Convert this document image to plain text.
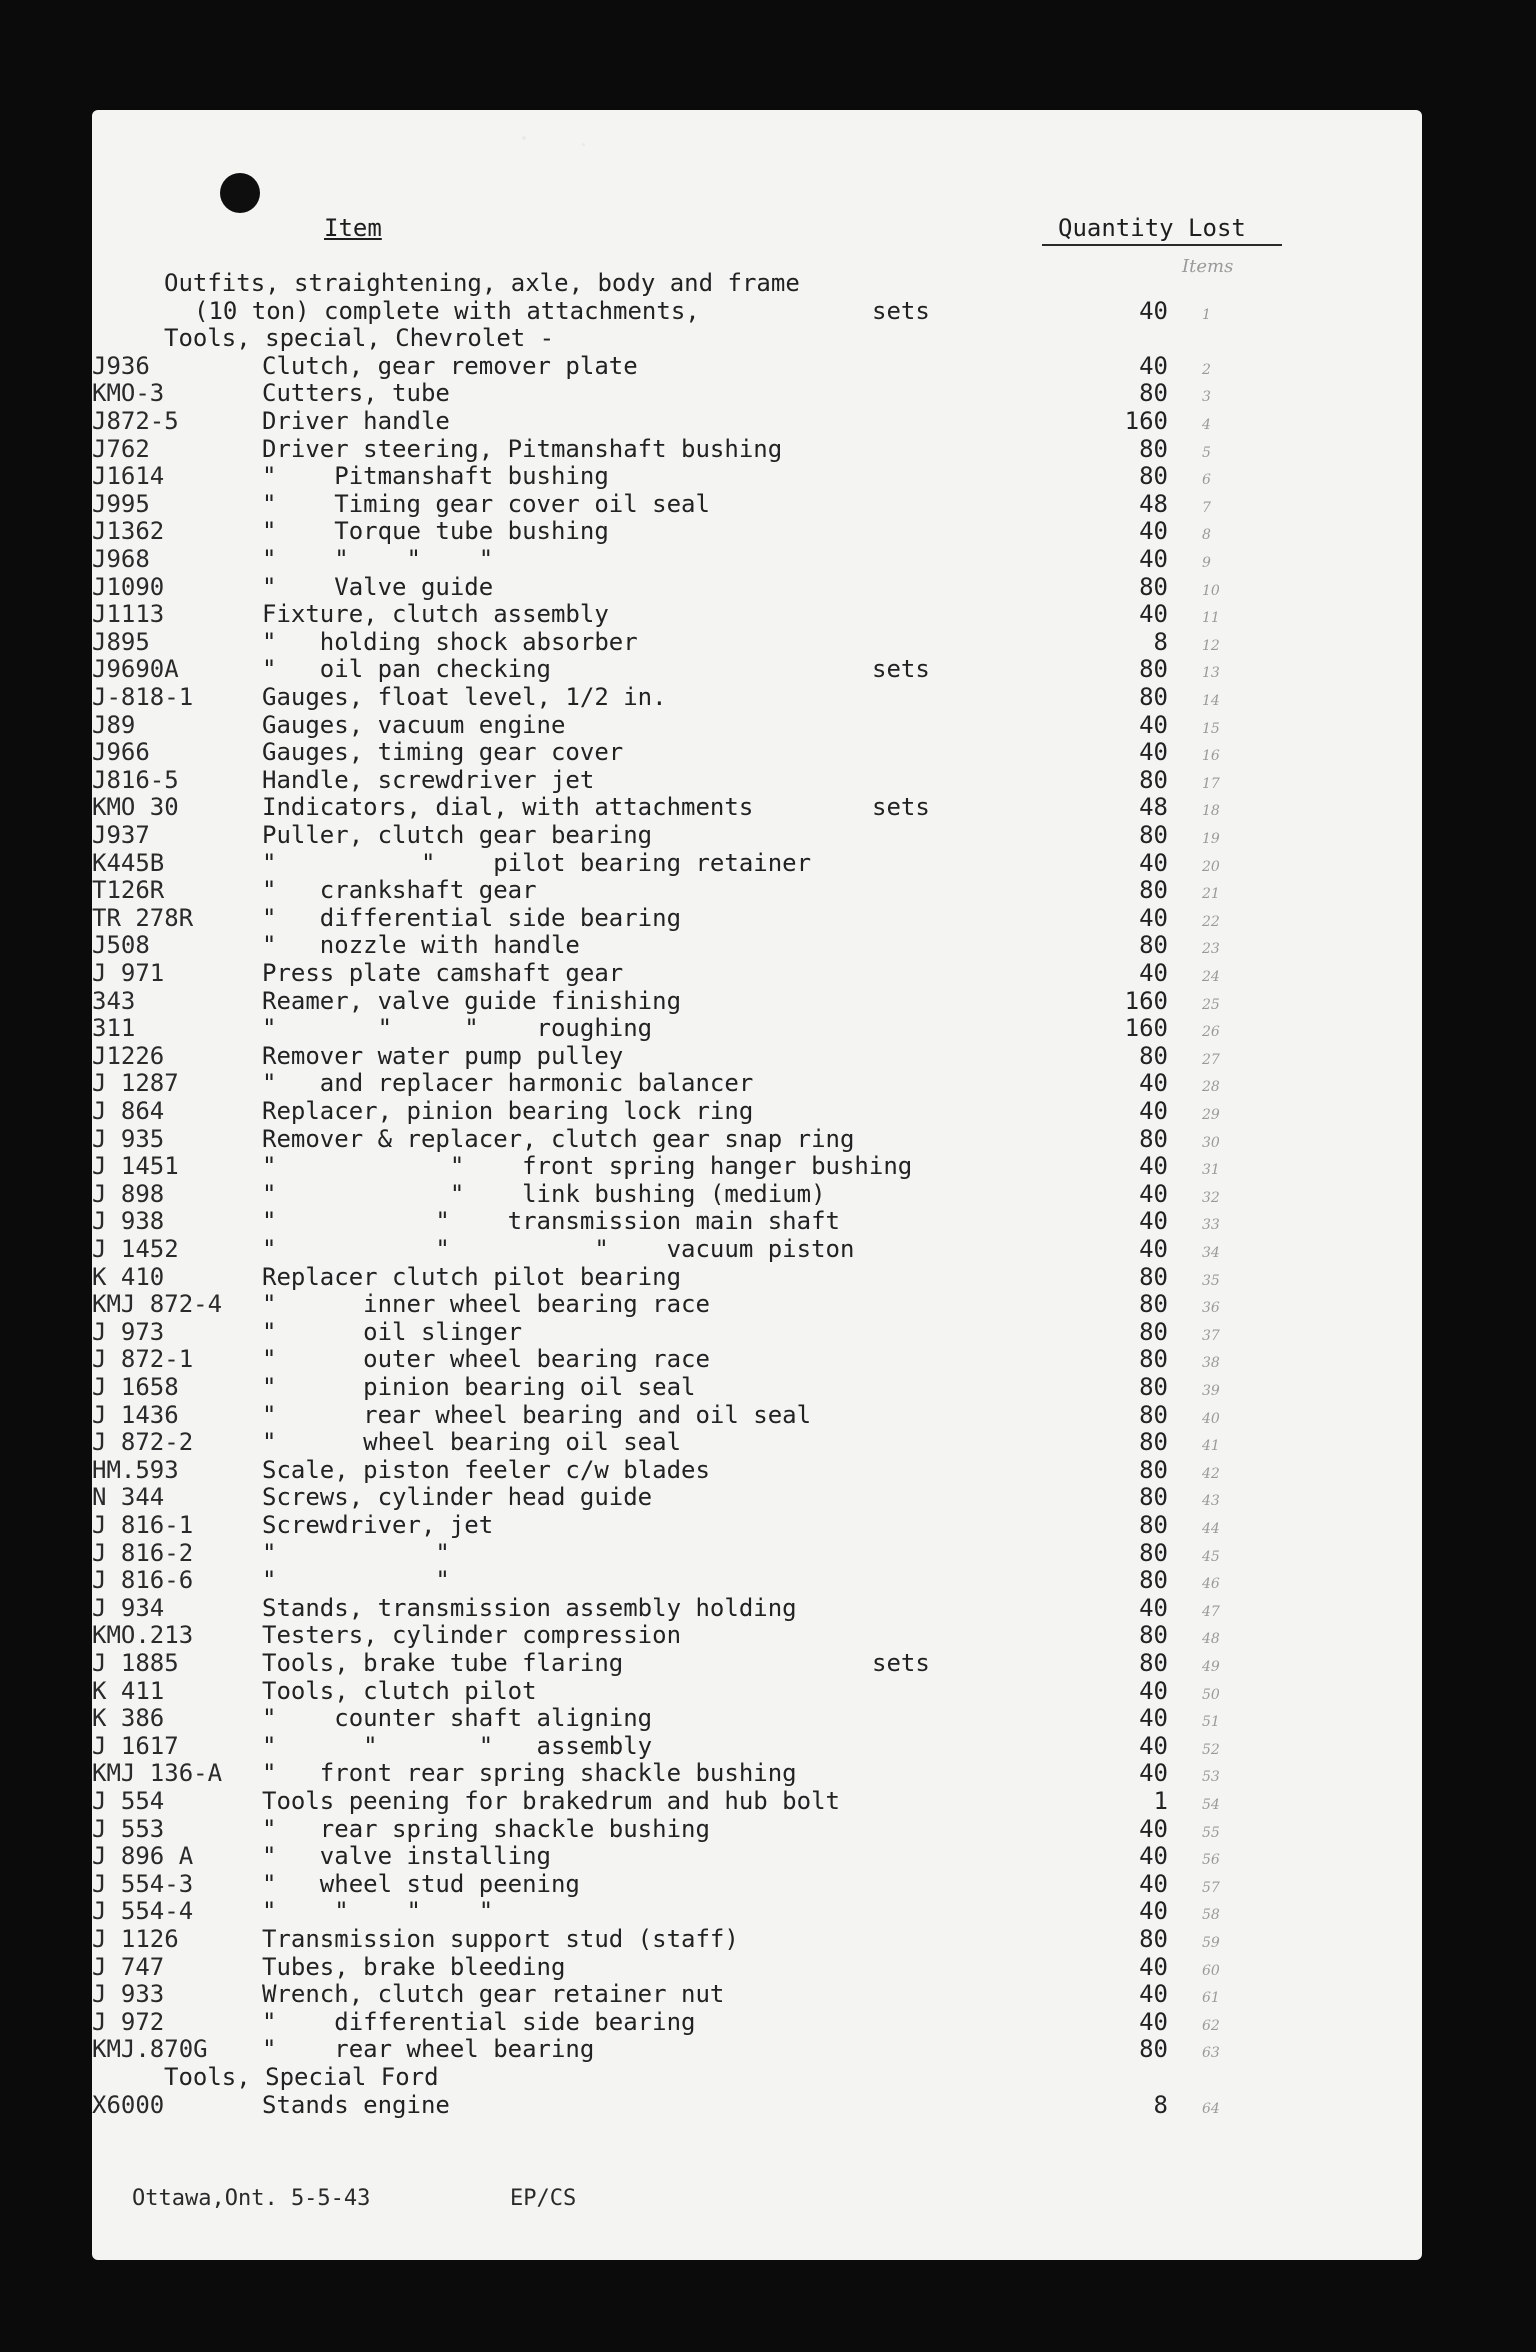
Item	Quantity Lost
Items
Outfits, straightening, axle, body and frame
(10 ton) complete with attachments,	sets	40 1
Tools, special, Chevrolet -
J936	Clutch, gear remover plate	40 2
KMO-3	Cutters, tube	80 3
J872-5	Driver handle	160 4
J762	Driver steering, Pitmanshaft bushing	80 5
J1614	"    Pitmanshaft bushing	80 6
J995	"    Timing gear cover oil seal	48 7
J1362	"    Torque tube bushing	40 8
J968	"    "    "    "	40 9
J1090	"    Valve guide	80 10
J1113	Fixture, clutch assembly	40 11
J895	"   holding shock absorber	8 12
J9690A	"   oil pan checking	sets	80 13
J-818-1	Gauges, float level, 1/2 in.	80 14
J89	Gauges, vacuum engine	40 15
J966	Gauges, timing gear cover	40 16
J816-5	Handle, screwdriver jet	80 17
KMO 30	Indicators, dial, with attachments	sets	48 18
J937	Puller, clutch gear bearing	80 19
K445B	"          "    pilot bearing retainer	40 20
T126R	"   crankshaft gear	80 21
TR 278R	"   differential side bearing	40 22
J508	"   nozzle with handle	80 23
J 971	Press plate camshaft gear	40 24
343	Reamer, valve guide finishing	160 25
311	"       "     "    roughing	160 26
J1226	Remover water pump pulley	80 27
J 1287	"   and replacer harmonic balancer	40 28
J 864	Replacer, pinion bearing lock ring	40 29
J 935	Remover & replacer, clutch gear snap ring	80 30
J 1451	"            "    front spring hanger bushing	40 31
J 898	"            "    link bushing (medium)	40 32
J 938	"           "    transmission main shaft	40 33
J 1452	"           "          "    vacuum piston	40 34
K 410	Replacer clutch pilot bearing	80 35
KMJ 872-4 "      inner wheel bearing race	80 36
J 973	"      oil slinger	80 37
J 872-1	"      outer wheel bearing race	80 38
J 1658	"      pinion bearing oil seal	80 39
J 1436	"      rear wheel bearing and oil seal	80 40
J 872-2	"      wheel bearing oil seal	80 41
HM.593	Scale, piston feeler c/w blades	80 42
N 344	Screws, cylinder head guide	80 43
J 816-1	Screwdriver, jet	80 44
J 816-2	"           "	80 45
J 816-6	"           "	80 46
J 934	Stands, transmission assembly holding	40 47
KMO.213	Testers, cylinder compression	80 48
J 1885	Tools, brake tube flaring	sets	80 49
K 411	Tools, clutch pilot	40 50
K 386	"    counter shaft aligning	40 51
J 1617	"      "       "   assembly	40 52
KMJ 136-A "   front rear spring shackle bushing	40 53
J 554	Tools peening for brakedrum and hub bolt	1 54
J 553	"   rear spring shackle bushing	40 55
J 896 A	"   valve installing	40 56
J 554-3	"   wheel stud peening	40 57
J 554-4	"    "    "    "	40 58
J 1126	Transmission support stud (staff)	80 59
J 747	Tubes, brake bleeding	40 60
J 933	Wrench, clutch gear retainer nut	40 61
J 972	"    differential side bearing	40 62
KMJ.870G "    rear wheel bearing	80 63
Tools, Special Ford
X6000	Stands engine	8 64
Ottawa,Ont. 5-5-43	EP/CS
